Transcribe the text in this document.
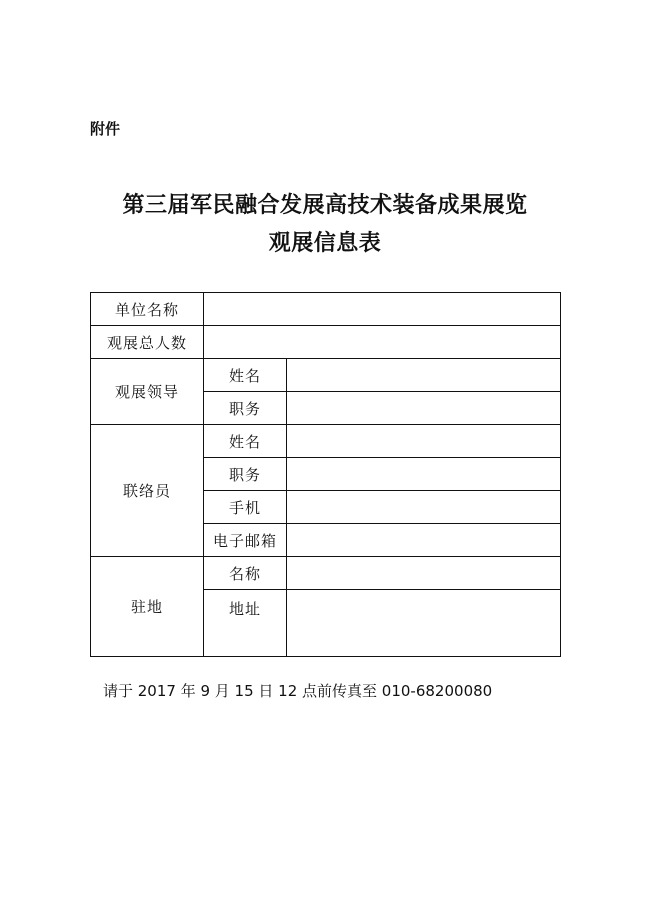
附件
第三届军民融合发展高技术装备成果展览
观展信息表
单位名称		
观展总人数		
观展领导	姓名	
	职务	
联络员	姓名	
	职务	
	手机	
	电子邮箱	
驻地	名称	
	地址	
请于 2017 年 9 月 15 日 12 点前传真至 010-68200080
